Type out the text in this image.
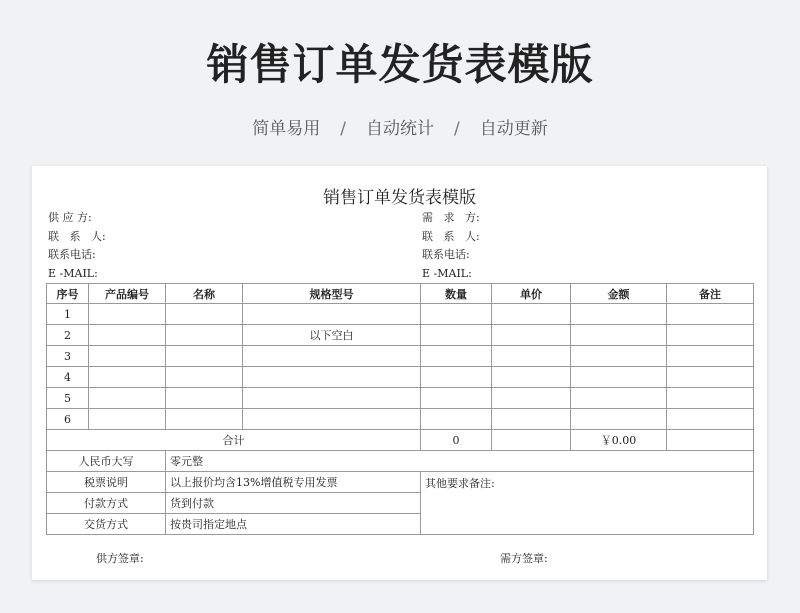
销售订单发货表模版
简单易用 / 自动统计 / 自动更新
销售订单发货表模版
供 应 方:
联   系   人:
联系电话:
E -MAIL:
需   求   方:
联   系   人:
联系电话:
E -MAIL:
序号	产品编号	名称	规格型号	数量	单价	金额	备注
1							
2			以下空白				
3							
4							
5							
6							
合计				0		￥0.00	
人民币大写		零元整					
税票说明		以上报价均含13%增值税专用发票		其他要求备注:			
付款方式		货到付款					
交货方式		按贵司指定地点					
供方签章:	需方签章:
